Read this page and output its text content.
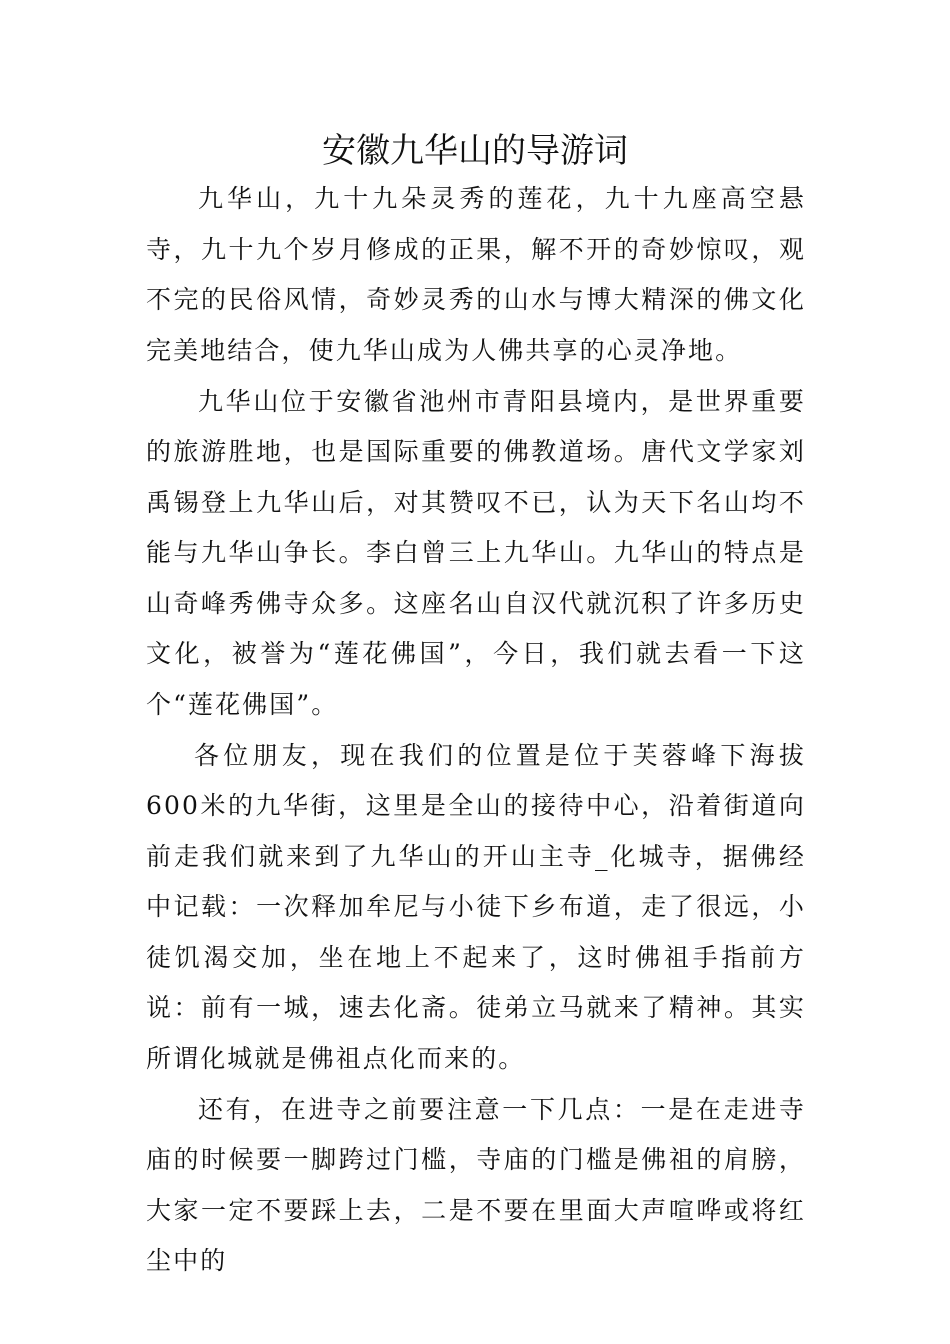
安徽九华山的导游词

九华山，九十九朵灵秀的莲花，九十九座高空悬寺，九十九个岁月修成的正果，解不开的奇妙惊叹，观不完的民俗风情，奇妙灵秀的山水与博大精深的佛文化完美地结合，使九华山成为人佛共享的心灵净地。

九华山位于安徽省池州市青阳县境内，是世界重要的旅游胜地，也是国际重要的佛教道场。唐代文学家刘禹锡登上九华山后，对其赞叹不已，认为天下名山均不能与九华山争长。李白曾三上九华山。九华山的特点是山奇峰秀佛寺众多。这座名山自汉代就沉积了许多历史文化，被誉为“莲花佛国”，今日，我们就去看一下这个“莲花佛国”。

各位朋友，现在我们的位置是位于芙蓉峰下海拔600米的九华街，这里是全山的接待中心，沿着街道向前走我们就来到了九华山的开山主寺_化城寺，据佛经中记载：一次释加牟尼与小徒下乡布道，走了很远，小徒饥渴交加，坐在地上不起来了，这时佛祖手指前方说：前有一城，速去化斋。徒弟立马就来了精神。其实所谓化城就是佛祖点化而来的。

还有，在进寺之前要注意一下几点：一是在走进寺庙的时候要一脚跨过门槛，寺庙的门槛是佛祖的肩膀，大家一定不要踩上去，二是不要在里面大声喧哗或将红尘中的
